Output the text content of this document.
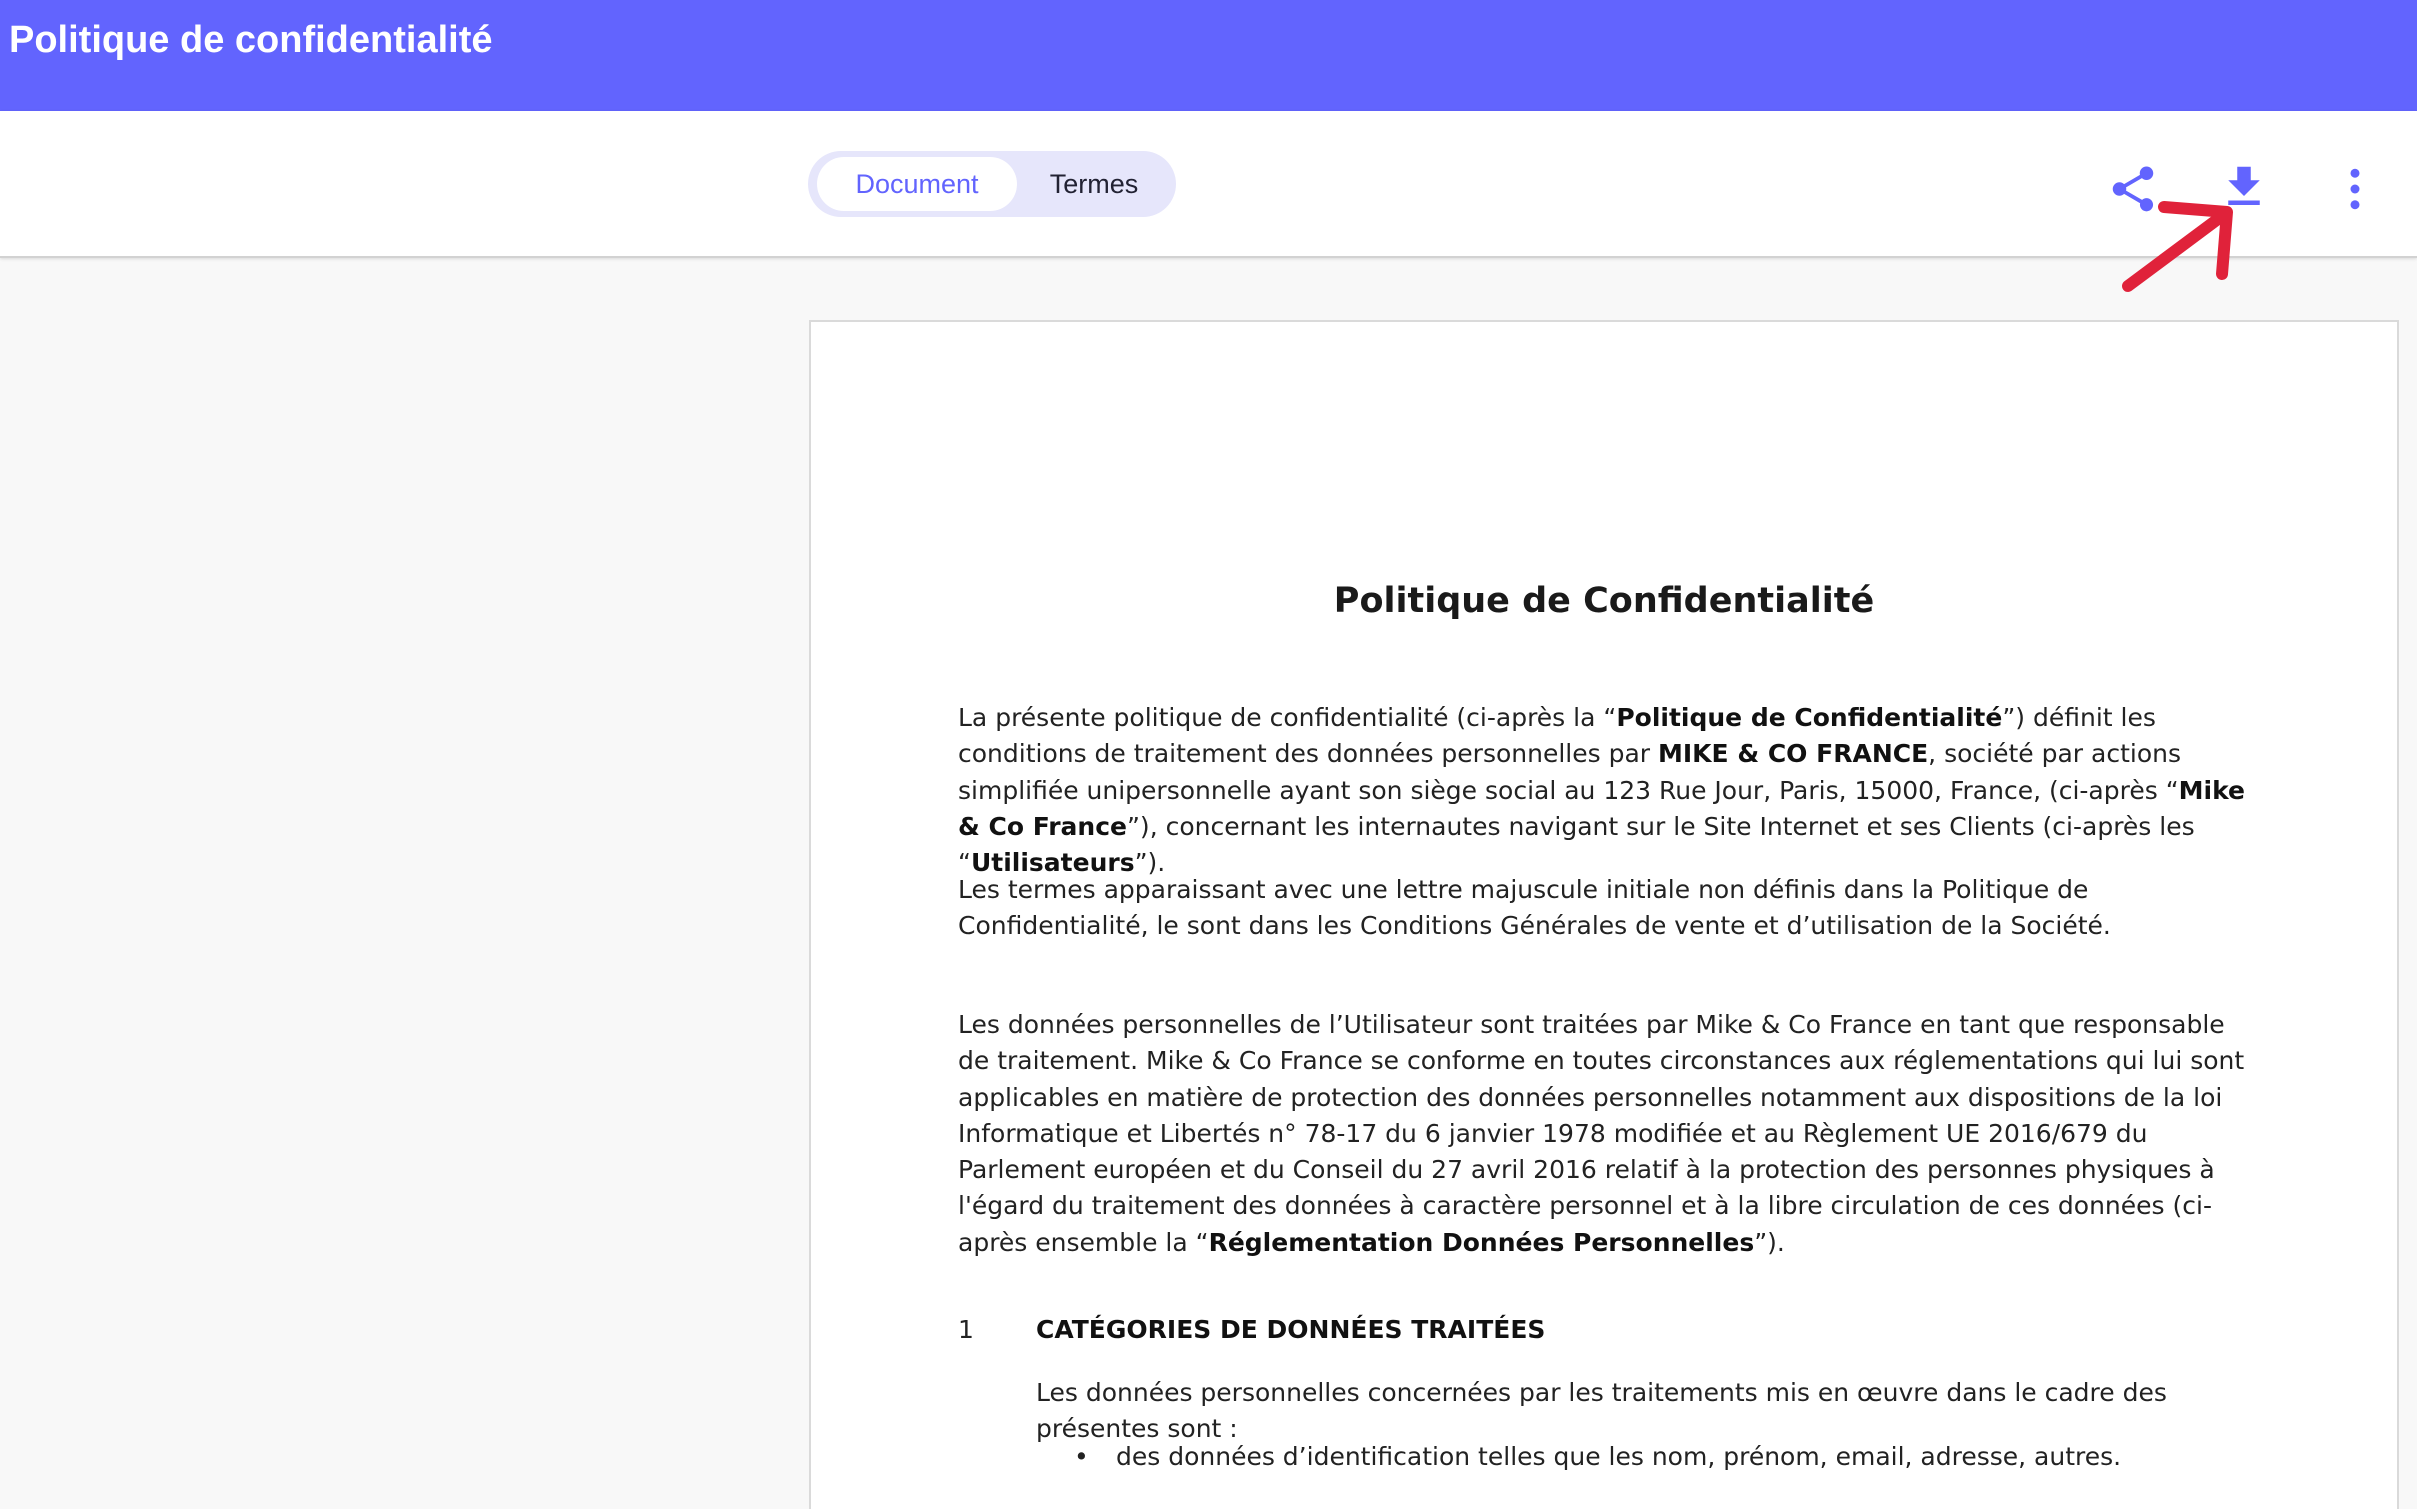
Politique de confidentialité
Document	Termes
Politique de Confidentialité

La présente politique de confidentialité (ci-après la “Politique de Confidentialité”) définit les conditions de traitement des données personnelles par MIKE & CO FRANCE, société par actions simplifiée unipersonnelle ayant son siège social au 123 Rue Jour, Paris, 15000, France, (ci-après “Mike & Co France”), concernant les internautes navigant sur le Site Internet et ses Clients (ci-après les “Utilisateurs”).

Les termes apparaissant avec une lettre majuscule initiale non définis dans la Politique de Confidentialité, le sont dans les Conditions Générales de vente et d’utilisation de la Société.

Les données personnelles de l’Utilisateur sont traitées par Mike & Co France en tant que responsable de traitement. Mike & Co France se conforme en toutes circonstances aux réglementations qui lui sont applicables en matière de protection des données personnelles notamment aux dispositions de la loi Informatique et Libertés n° 78-17 du 6 janvier 1978 modifiée et au Règlement UE 2016/679 du Parlement européen et du Conseil du 27 avril 2016 relatif à la protection des personnes physiques à l'égard du traitement des données à caractère personnel et à la libre circulation de ces données (ci-après ensemble la “Réglementation Données Personnelles”).

1 CATÉGORIES DE DONNÉES TRAITÉES

Les données personnelles concernées par les traitements mis en œuvre dans le cadre des présentes sont :

• des données d’identification telles que les nom, prénom, email, adresse, autres.
